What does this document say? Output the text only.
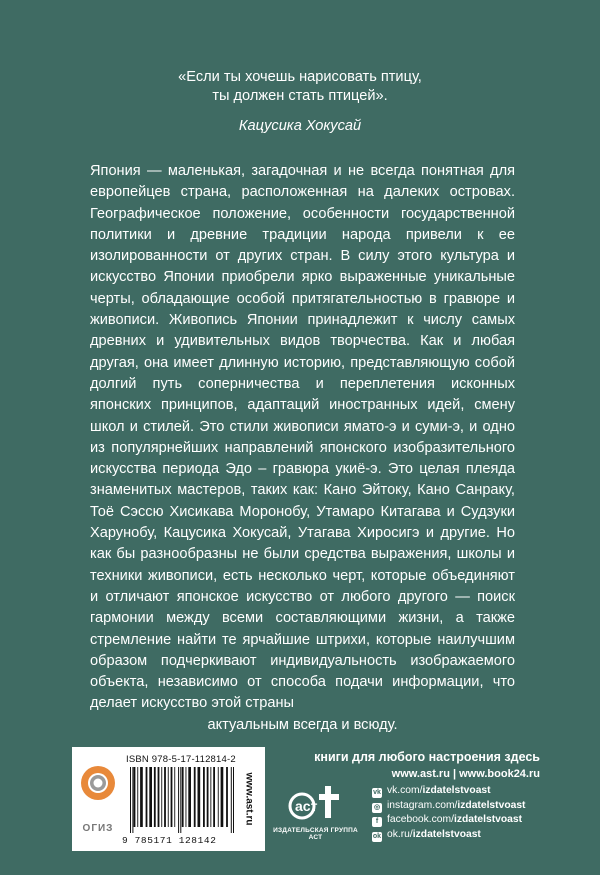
«Если ты хочешь нарисовать птицу,
ты должен стать птицей».
Кацусика Хокусай
Япония — маленькая, загадочная и не всегда понятная для европейцев страна, расположенная на далеких островах. Географическое положение, особенности государственной политики и древние традиции народа привели к ее изолированности от других стран. В силу этого культура и искусство Японии приобрели ярко выраженные уникальные черты, обладающие особой притягательностью в гравюре и живописи. Живопись Японии принадлежит к числу самых древних и удивительных видов творчества. Как и любая другая, она имеет длинную историю, представляющую собой долгий путь соперничества и переплетения исконных японских принципов, адаптаций иностранных идей, смену школ и стилей. Это стили живописи ямато-э и суми-э, и одно из популярнейших направлений японского изобразительного искусства периода Эдо – гравюра укиё-э. Это целая плеяда знаменитых мастеров, таких как: Кано Эйтоку, Кано Санраку, Тоё Сэссю Хисикава Моронобу, Утамаро Китагава и Судзуки Харунобу, Кацусика Хокусай, Утагава Хиросигэ и другие. Но как бы разнообразны не были средства выражения, школы и техники живописи, есть несколько черт, которые объединяют и отличают японское искусство от любого другого — поиск гармонии между всеми составляющими жизни, а также стремление найти те ярчайшие штрихи, которые наилучшим образом подчеркивают индивидуальность изображаемого объекта, независимо от способа подачи информации, что делает искусство этой страны
актуальным всегда и всюду.
ОГИЗ
ISBN 978-5-17-112814-2
9 785171 128142
www.ast.ru
книги для любого настроения здесь
www.ast.ru | www.book24.ru
аст
ИЗДАТЕЛЬСКАЯ ГРУППА АСТ
vk vk.com/izdatelstvoast
◎ instagram.com/izdatelstvoast
f facebook.com/izdatelstvoast
ok ok.ru/izdatelstvoast
